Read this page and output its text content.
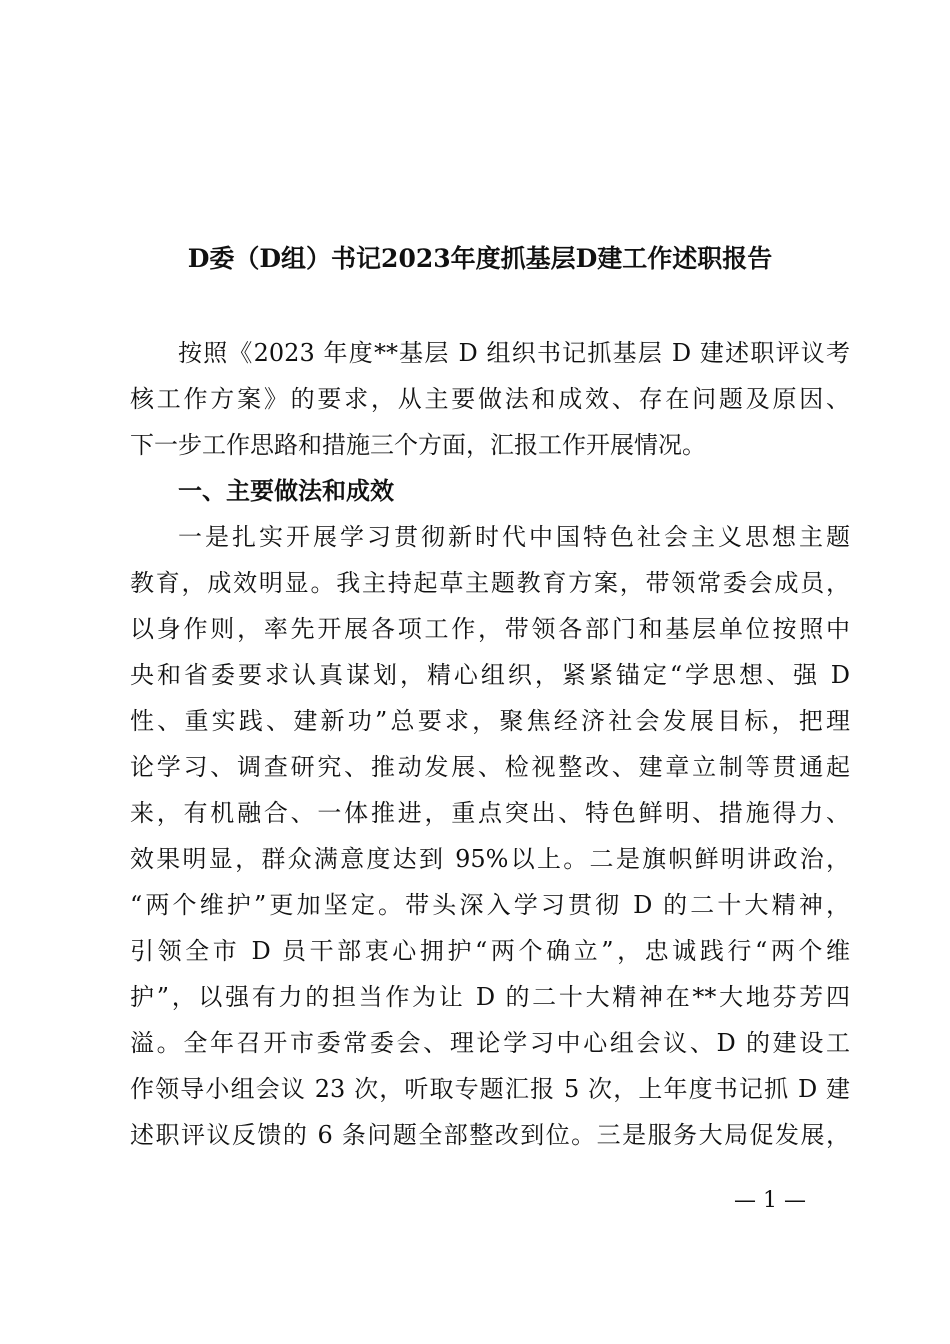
D委（D组）书记2023年度抓基层D建工作述职报告
按照《2023 年度**基层 D 组织书记抓基层 D 建述职评议考
核工作方案》的要求，从主要做法和成效、存在问题及原因、
下一步工作思路和措施三个方面，汇报工作开展情况。
一、主要做法和成效
一是扎实开展学习贯彻新时代中国特色社会主义思想主题
教育，成效明显。我主持起草主题教育方案，带领常委会成员，
以身作则，率先开展各项工作，带领各部门和基层单位按照中
央和省委要求认真谋划，精心组织，紧紧锚定“学思想、强 D
性、重实践、建新功”总要求，聚焦经济社会发展目标，把理
论学习、调查研究、推动发展、检视整改、建章立制等贯通起
来，有机融合、一体推进，重点突出、特色鲜明、措施得力、
效果明显，群众满意度达到 95%以上。二是旗帜鲜明讲政治，
“两个维护”更加坚定。带头深入学习贯彻 D 的二十大精神，
引领全市 D 员干部衷心拥护“两个确立”，忠诚践行“两个维
护”，以强有力的担当作为让 D 的二十大精神在**大地芬芳四
溢。全年召开市委常委会、理论学习中心组会议、D 的建设工
作领导小组会议 23 次，听取专题汇报 5 次，上年度书记抓 D 建
述职评议反馈的 6 条问题全部整改到位。三是服务大局促发展，
— 1 —
